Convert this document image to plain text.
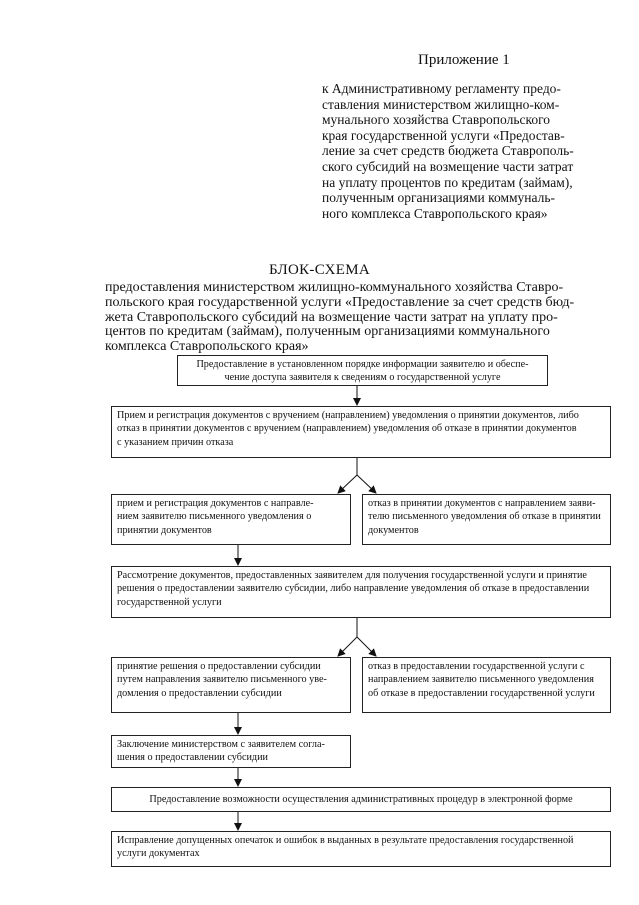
Приложение 1
к Административному регламенту предо-
ставления министерством жилищно-ком-
мунального хозяйства Ставропольского
края государственной услуги «Предостав-
ление за счет средств бюджета Ставрополь-
ского субсидий на возмещение части затрат
на уплату процентов по кредитам (займам),
полученным организациями коммуналь-
ного комплекса Ставропольского края»
БЛОК-СХЕМА
предоставления министерством жилищно-коммунального хозяйства Ставро-
польского края государственной услуги «Предоставление за счет средств бюд-
жета Ставропольского субсидий на возмещение части затрат на уплату про-
центов по кредитам (займам), полученным организациями коммунального
комплекса Ставропольского края»
Предоставление в установленном порядке информации заявителю и обеспе-
чение доступа заявителя к сведениям о государственной услуге
Прием и регистрация документов с вручением (направлением) уведомления о принятии документов, либо
отказ в принятии документов с вручением (направлением) уведомления об отказе в принятии документов
с указанием причин отказа
прием и регистрация документов с направле-
нием заявителю письменного уведомления о
принятии документов
отказ в принятии документов с направлением заяви-
телю письменного уведомления об отказе в принятии
документов
Рассмотрение документов, предоставленных заявителем для получения государственной услуги и принятие
решения о предоставлении заявителю субсидии, либо направление уведомления об отказе в предоставлении
государственной услуги
принятие решения о предоставлении субсидии
путем направления заявителю письменного уве-
домления о предоставлении субсидии
отказ в предоставлении государственной услуги с
направлением заявителю письменного уведомления
об отказе в предоставлении государственной услуги
Заключение министерством с заявителем согла-
шения о предоставлении субсидии
Предоставление возможности осуществления административных процедур в электронной форме
Исправление допущенных опечаток и ошибок в выданных в результате предоставления государственной
услуги документах
